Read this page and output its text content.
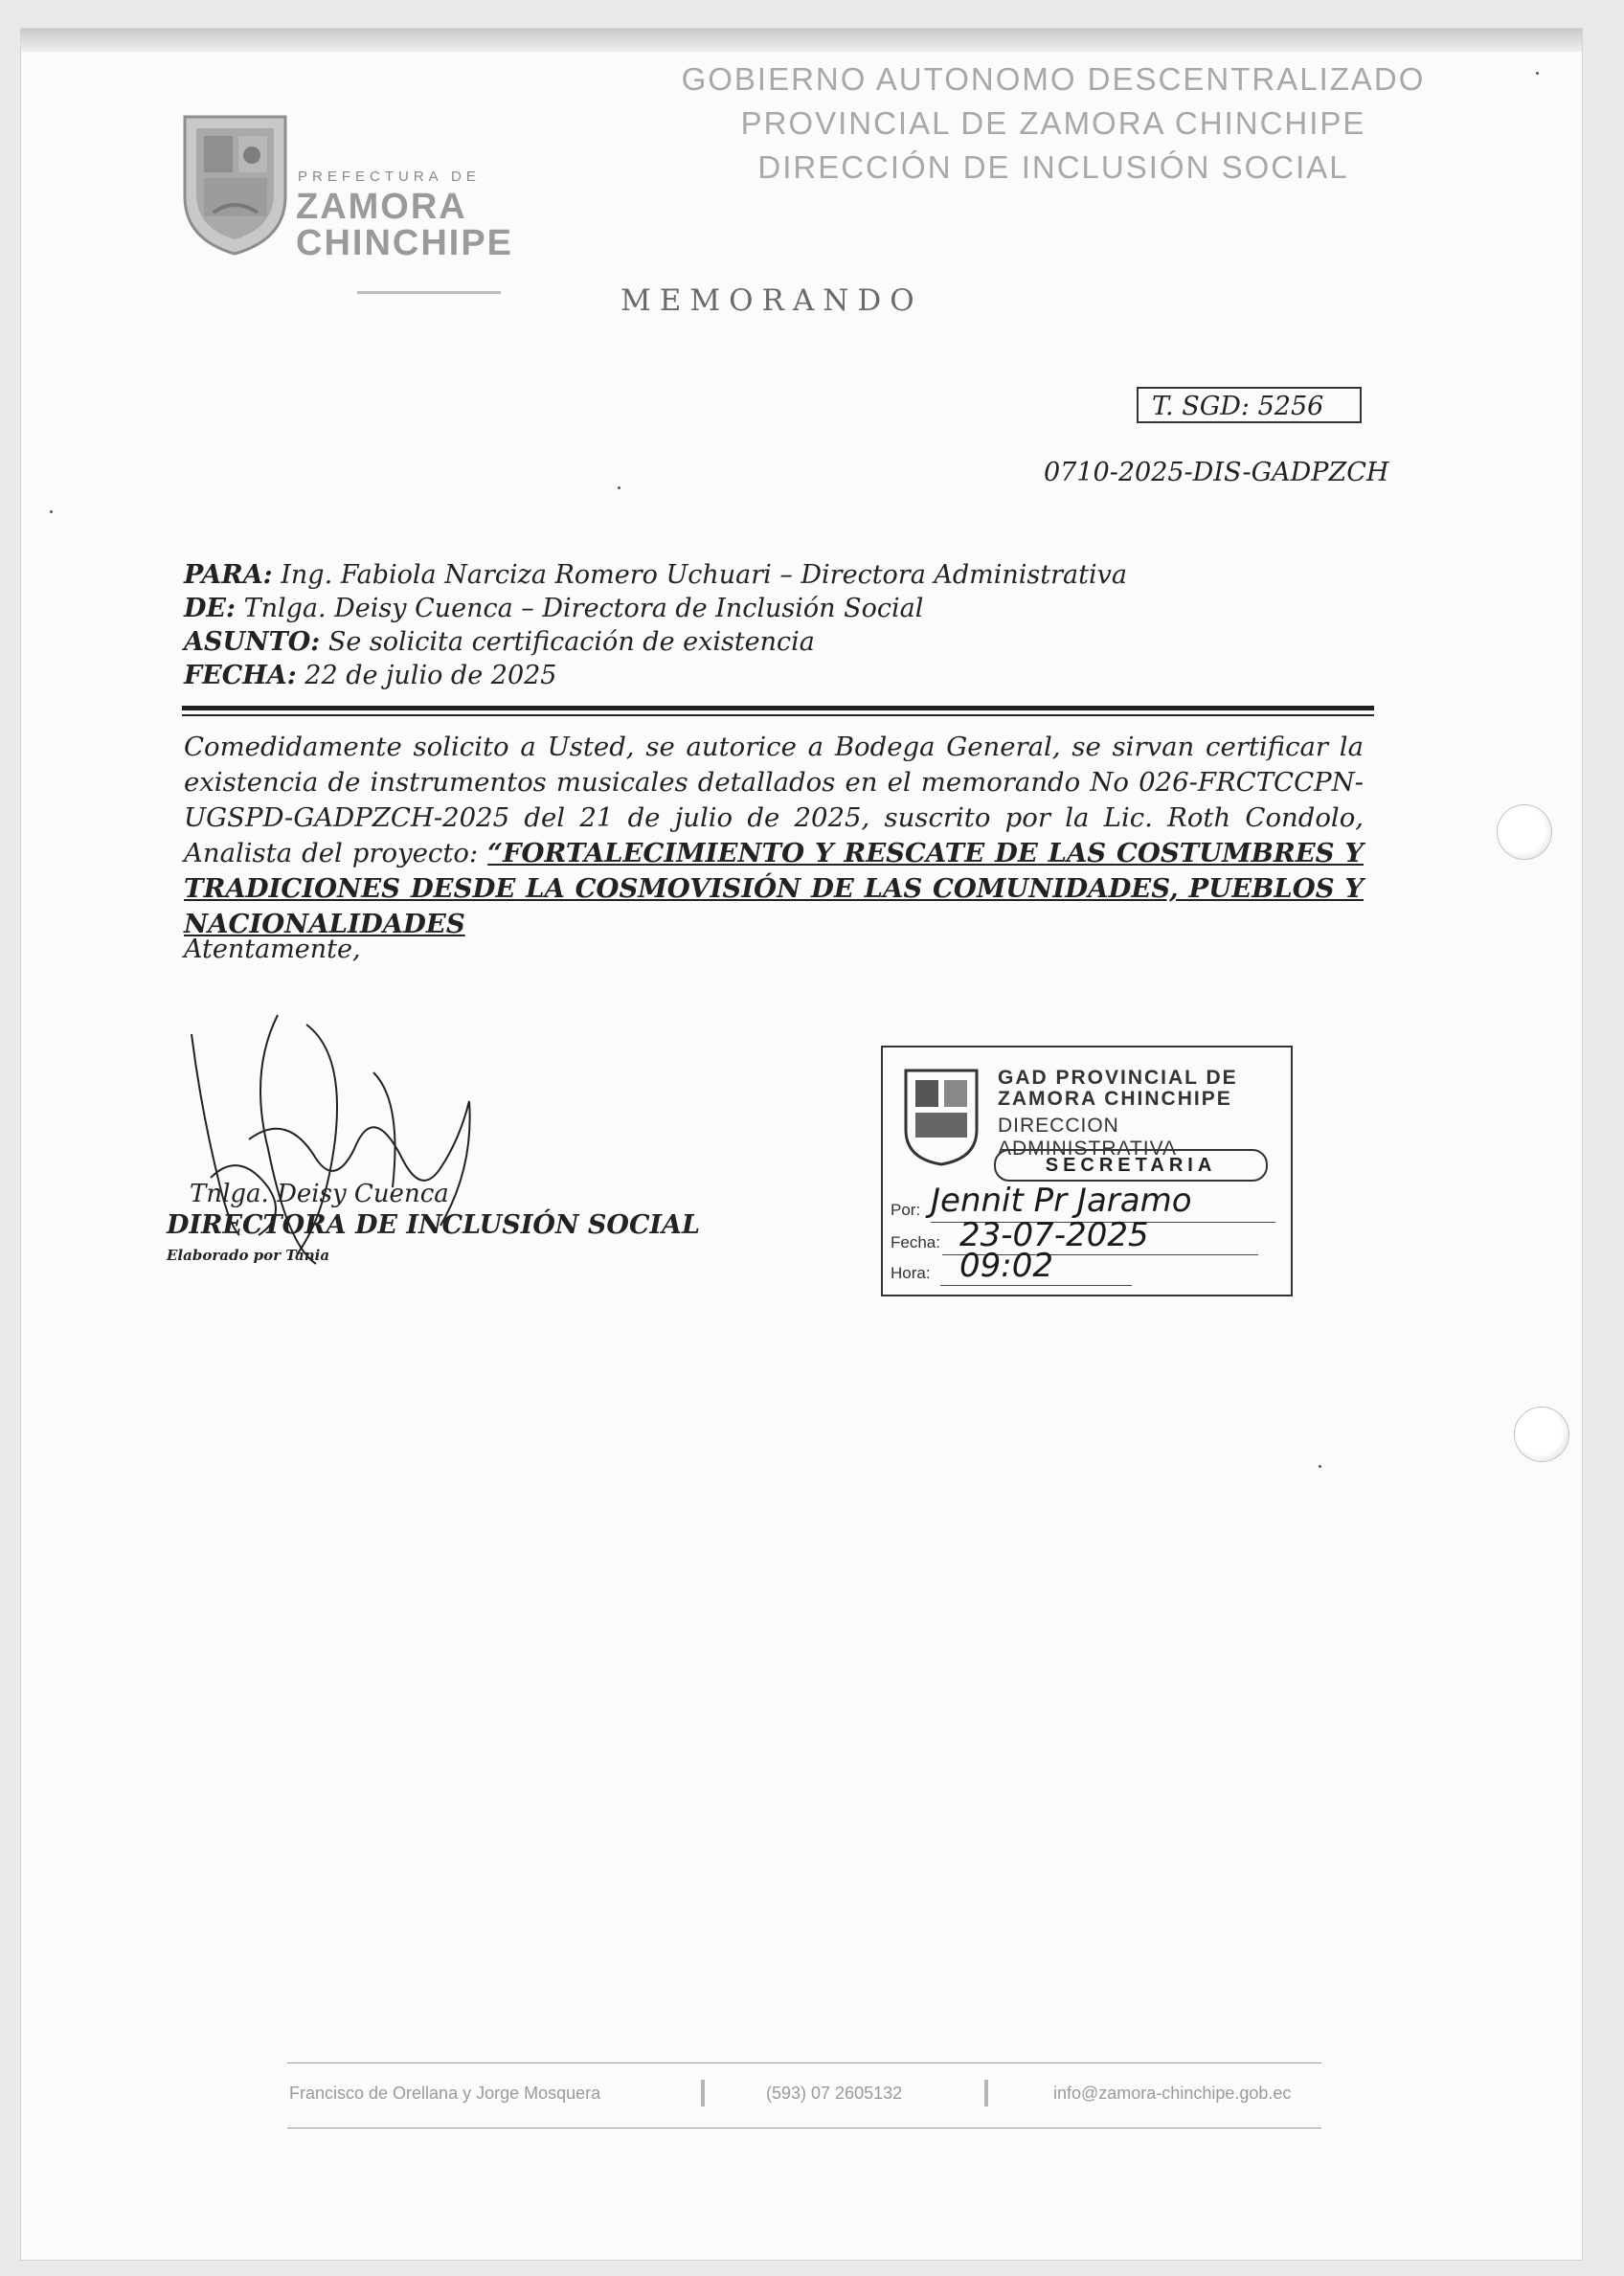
PREFECTURA DE
ZAMORA
CHINCHIPE
GOBIERNO AUTONOMO DESCENTRALIZADO
PROVINCIAL DE ZAMORA CHINCHIPE
DIRECCIÓN DE INCLUSIÓN SOCIAL
MEMORANDO
T. SGD: 5256
0710-2025-DIS-GADPZCH
PARA: Ing. Fabiola Narciza Romero Uchuari – Directora Administrativa
DE: Tnlga. Deisy Cuenca – Directora de Inclusión Social
ASUNTO: Se solicita certificación de existencia
FECHA: 22 de julio de 2025
Comedidamente solicito a Usted, se autorice a Bodega General, se sirvan certificar la existencia de instrumentos musicales detallados en el memorando No 026-FRCTCCPN-UGSPD-GADPZCH-2025 del 21 de julio de 2025, suscrito por la Lic. Roth Condolo, Analista del proyecto: “FORTALECIMIENTO Y RESCATE DE LAS COSTUMBRES Y TRADICIONES DESDE LA COSMOVISIÓN DE LAS COMUNIDADES, PUEBLOS Y NACIONALIDADES
Atentamente,
Tnlga. Deisy Cuenca
DIRECTORA DE INCLUSIÓN SOCIAL
Elaborado por Tania
GAD PROVINCIAL DE
ZAMORA CHINCHIPE
DIRECCION ADMINISTRATIVA
SECRETARIA
Por: Jennit Pr Jaramo
Fecha: 23-07-2025
Hora: 09:02
Francisco de Orellana y Jorge Mosquera	(593) 07 2605132	info@zamora-chinchipe.gob.ec
